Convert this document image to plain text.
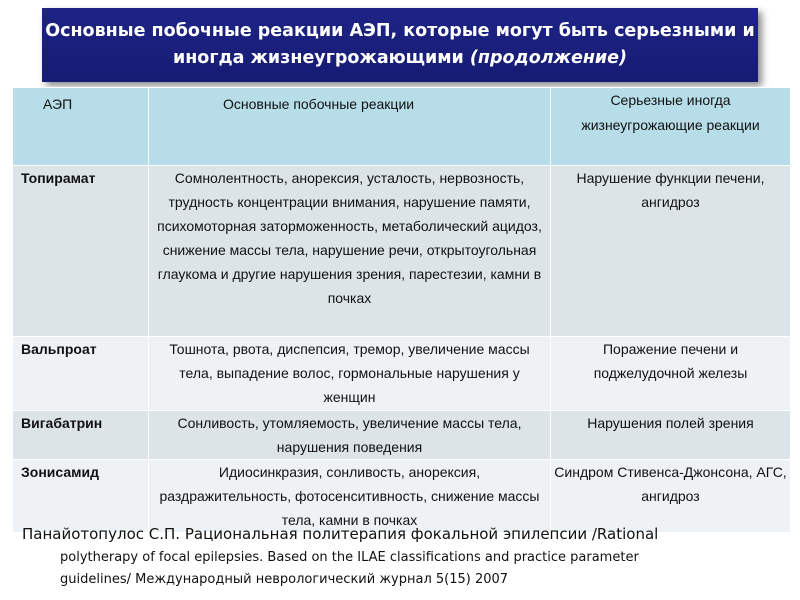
Основные побочные реакции АЭП, которые могут быть серьезными и иногда жизнеугрожающими (продолжение)
АЭП	Основные побочные реакции	Серьезные иногда жизнеугрожающие реакции
Топирамат	Сомнолентность, анорексия, усталость, нервозность, трудность концентрации внимания, нарушение памяти, психомоторная заторможенность, метаболический ацидоз, снижение массы тела, нарушение речи, открытоугольная глаукома и другие нарушения зрения, парестезии, камни в почках	Нарушение функции печени, ангидроз
Вальпроат	Тошнота, рвота, диспепсия, тремор, увеличение массы тела, выпадение волос, гормональные нарушения у женщин	Поражение печени и поджелудочной железы
Вигабатрин	Сонливость, утомляемость, увеличение массы тела, нарушения поведения	Нарушения полей зрения
Зонисамид	Идиосинкразия, сонливость, анорексия, раздражительность, фотосенситивность, снижение массы тела, камни в почках	Синдром Стивенса-Джонсона, АГС, ангидроз
Панайотопулос С.П. Рациональная политерапия фокальной эпилепсии /Rational
polytherapy of focal epilepsies. Based on the ILAE classifications and practice parameter
guidelines/ Международный неврологический журнал 5(15) 2007
